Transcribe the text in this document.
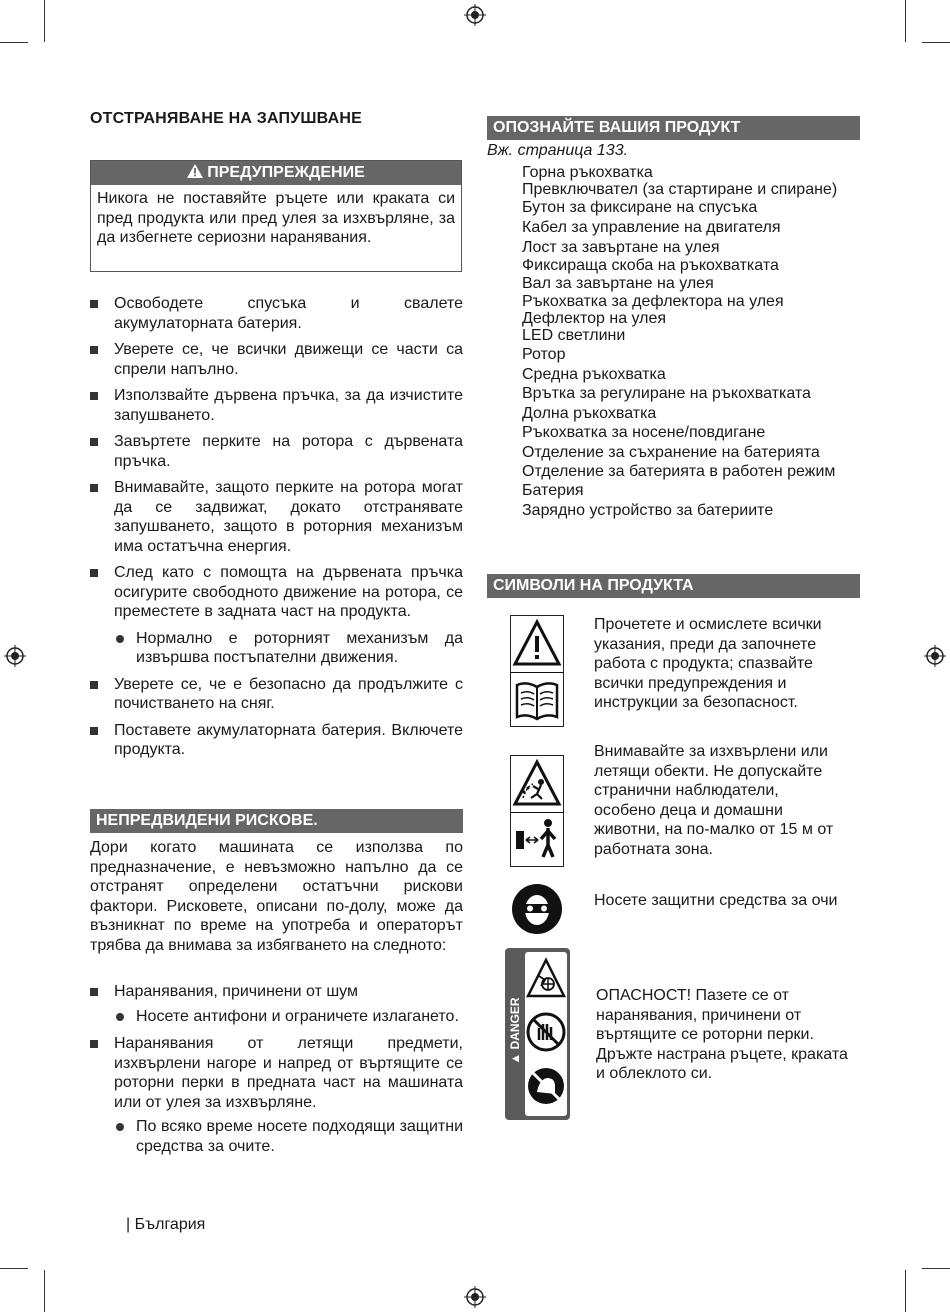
ОТСТРАНЯВАНЕ НА ЗАПУШВАНЕ
ПРЕДУПРЕЖДЕНИЕ
Никога не поставяйте ръцете или краката си пред продукта или пред улея за изхвърляне, за да избегнете сериозни наранявания.
Освободете спусъка и свалете акумулаторната батерия.
Уверете се, че всички движещи се части са спрели напълно.
Използвайте дървена пръчка, за да изчистите запушването.
Завъртете перките на ротора с дървената пръчка.
Внимавайте, защото перките на ротора могат да се задвижат, докато отстранявате запушването, защото в роторния механизъм има остатъчна енергия.
След като с помощта на дървената пръчка осигурите свободното движение на ротора, се преместете в задната част на продукта.
Нормално е роторният механизъм да извършва постъпателни движения.
Уверете се, че е безопасно да продължите с почистването на сняг.
Поставете акумулаторната батерия. Включете продукта.
НЕПРЕДВИДЕНИ РИСКОВЕ.
Дори когато машината се използва по предназначение, е невъзможно напълно да се отстранят определени остатъчни рискови фактори. Рисковете, описани по-долу, може да възникнат по време на употреба и операторът трябва да внимава за избягването на следното:
Наранявания, причинени от шум
Носете антифони и ограничете излагането.
Наранявания от летящи предмети, изхвърлени нагоре и напред от въртящите се роторни перки в предната част на машината или от улея за изхвърляне.
По всяко време носете подходящи защитни средства за очите.
| България
ОПОЗНАЙТЕ ВАШИЯ ПРОДУКТ
Вж. страница 133.
Горна ръкохватка
Превключвател (за стартиране и спиране)
Бутон за фиксиране на спусъка
Кабел за управление на двигателя
Лост за завъртане на улея
Фиксираща скоба на ръкохватката
Вал за завъртане на улея
Ръкохватка за дефлектора на улея
Дефлектор на улея
LED светлини
Ротор
Средна ръкохватка
Вpътка за регулиране на ръкохватката
Долна ръкохватка
Ръкохватка за носене/повдигане
Отделение за съхранение на батерията
Отделение за батерията в работен режим
Батерия
Зарядно устройство за батериите
СИМВОЛИ НА ПРОДУКТА
Прочетете и осмислете всички указания, преди да започнете работа с продукта; спазвайте всички предупреждения и инструкции за безопасност.
Внимавайте за изхвърлени или летящи обекти. Не допускайте странични наблюдатели, особено деца и домашни животни, на по-малко от 15 м от работната зона.
Носете защитни средства за очи
▲ DANGER
ОПАСНОСТ! Пазете се от наранявания, причинени от въртящите се роторни перки. Дръжте настрана ръцете, краката и облеклото си.
